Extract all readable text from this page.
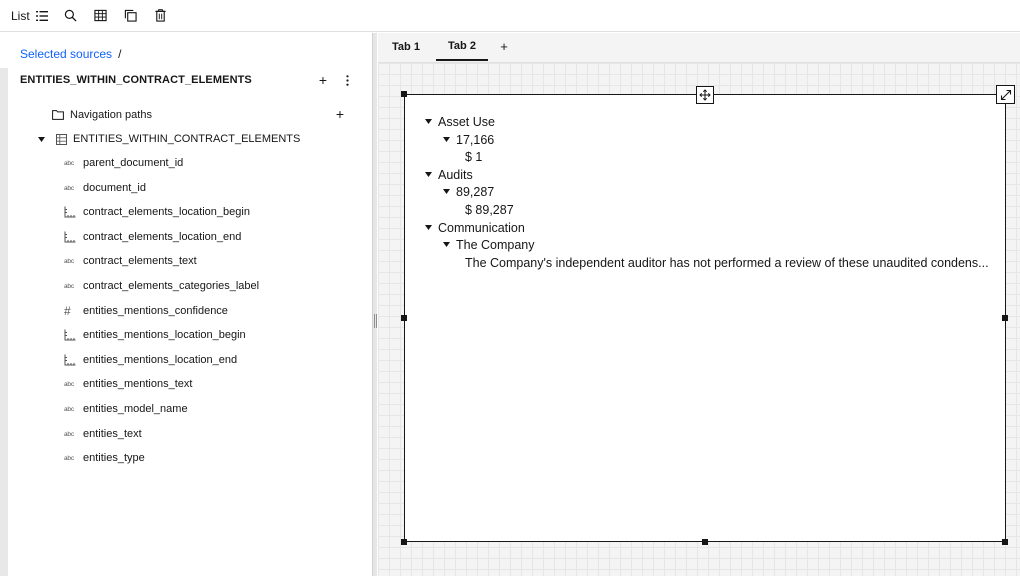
List
Selected sources /
ENTITIES_WITHIN_CONTRACT_ELEMENTS	+
Navigation paths	+
ENTITIES_WITHIN_CONTRACT_ELEMENTS
abc parent_document_id
abc document_id
contract_elements_location_begin
contract_elements_location_end
abc contract_elements_text
abc contract_elements_categories_label
#	entities_mentions_confidence
entities_mentions_location_begin
entities_mentions_location_end
abc entities_mentions_text
abc entities_model_name
abc entities_text
abc entities_type
Tab 1	Tab 2	+
Asset Use
17,166
$ 1
Audits
89,287
$ 89,287
Communication
The Company
The Company's independent auditor has not performed a review of these unaudited condens...
